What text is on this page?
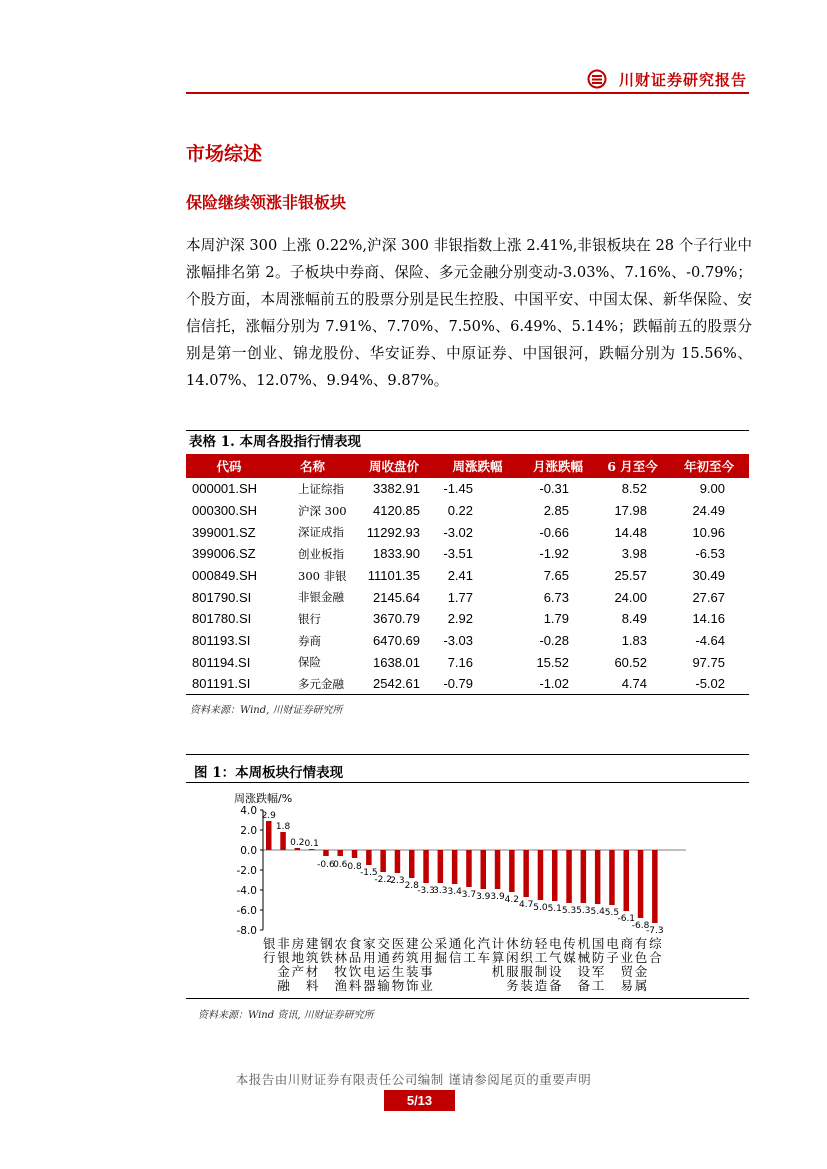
川财证券研究报告
市场综述
保险继续领涨非银板块
本周沪深 300 上涨 0.22%,沪深 300 非银指数上涨 2.41%,非银板块在 28 个子行业中涨幅排名第 2。子板块中券商、保险、多元金融分别变动-3.03%、7.16%、-0.79%；个股方面，本周涨幅前五的股票分别是民生控股、中国平安、中国太保、新华保险、安信信托，涨幅分别为 7.91%、7.70%、7.50%、6.49%、5.14%；跌幅前五的股票分别是第一创业、锦龙股份、华安证券、中原证券、中国银河，跌幅分别为 15.56%、14.07%、12.07%、9.94%、9.87%。
表格 1. 本周各股指行情表现
代码	名称	周收盘价	周涨跌幅	月涨跌幅	6 月至今	年初至今
000001.SH	上证综指	3382.91	-1.45	-0.31	8.52	9.00
000300.SH	沪深 300	4120.85	0.22	2.85	17.98	24.49
399001.SZ	深证成指	11292.93	-3.02	-0.66	14.48	10.96
399006.SZ	创业板指	1833.90	-3.51	-1.92	3.98	-6.53
000849.SH	300 非银	11101.35	2.41	7.65	25.57	30.49
801790.SI	非银金融	2145.64	1.77	6.73	24.00	27.67
801780.SI	银行	3670.79	2.92	1.79	8.49	14.16
801193.SI	券商	6470.69	-3.03	-0.28	1.83	-4.64
801194.SI	保险	1638.01	7.16	15.52	60.52	97.75
801191.SI	多元金融	2542.61	-0.79	-1.02	4.74	-5.02
资料来源：Wind, 川财证券研究所
图 1：本周板块行情表现
周涨跌幅/%
4.0
2.0
0.0
-2.0
-4.0
-6.0
-8.0
2.9
银
行
1.8
非
银
金
融
0.2
房
地
产
0.1
建
筑
材
料
-0.6
钢
铁
0.6
农
林
牧
渔
0.8
食
品
饮
料
-1.5
家
用
电
器
-2.2
交
通
运
输
2.3
医
药
生
物
2.8
建
筑
装
饰
-3.3
公
用
事
业
3.3
采
掘
3.4
通
信
3.7
化
工
3.9
汽
车
3.9
计
算
机
4.2
休
闲
服
务
4.7
纺
织
服
装
5.0
轻
工
制
造
5.1
电
气
设
备
5.3
传
媒
5.3
机
械
设
备
5.4
国
防
军
工
5.5
电
子
-6.1
商
业
贸
易
-6.8
有
色
金
属
-7.3
综
合
资料来源：Wind 资讯, 川财证券研究所
本报告由川财证券有限责任公司编制 谨请参阅尾页的重要声明
5/13
